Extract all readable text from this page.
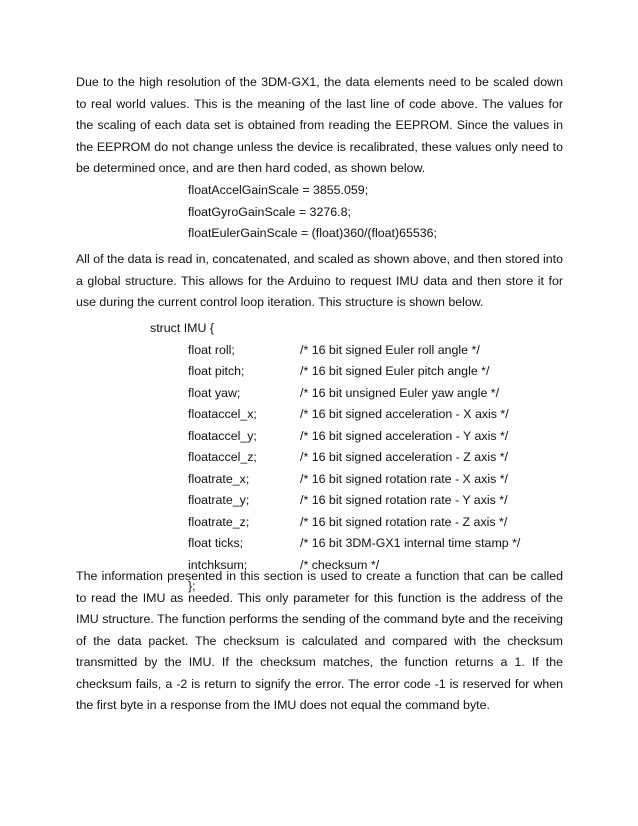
Due to the high resolution of the 3DM-GX1, the data elements need to be scaled down to real world values. This is the meaning of the last line of code above. The values for the scaling of each data set is obtained from reading the EEPROM. Since the values in the EEPROM do not change unless the device is recalibrated, these values only need to be determined once, and are then hard coded, as shown below.

floatAccelGainScale = 3855.059;
floatGyroGainScale = 3276.8;
floatEulerGainScale = (float)360/(float)65536;

All of the data is read in, concatenated, and scaled as shown above, and then stored into a global structure. This allows for the Arduino to request IMU data and then store it for use during the current control loop iteration. This structure is shown below.

struct IMU {
float roll;	/* 16 bit signed Euler roll angle */
float pitch;	/* 16 bit signed Euler pitch angle */
float yaw;	/* 16 bit unsigned Euler yaw angle */
floataccel_x;	/* 16 bit signed acceleration - X axis */
floataccel_y;	/* 16 bit signed acceleration - Y axis */
floataccel_z;	/* 16 bit signed acceleration - Z axis */
floatrate_x;	/* 16 bit signed rotation rate - X axis */
floatrate_y;	/* 16 bit signed rotation rate - Y axis */
floatrate_z;	/* 16 bit signed rotation rate - Z axis */
float ticks;	/* 16 bit 3DM-GX1 internal time stamp */
intchksum;	/* checksum */
};

The information presented in this section is used to create a function that can be called to read the IMU as needed. This only parameter for this function is the address of the IMU structure. The function performs the sending of the command byte and the receiving of the data packet. The checksum is calculated and compared with the checksum transmitted by the IMU. If the checksum matches, the function returns a 1. If the checksum fails, a -2 is return to signify the error. The error code -1 is reserved for when the first byte in a response from the IMU does not equal the command byte.
